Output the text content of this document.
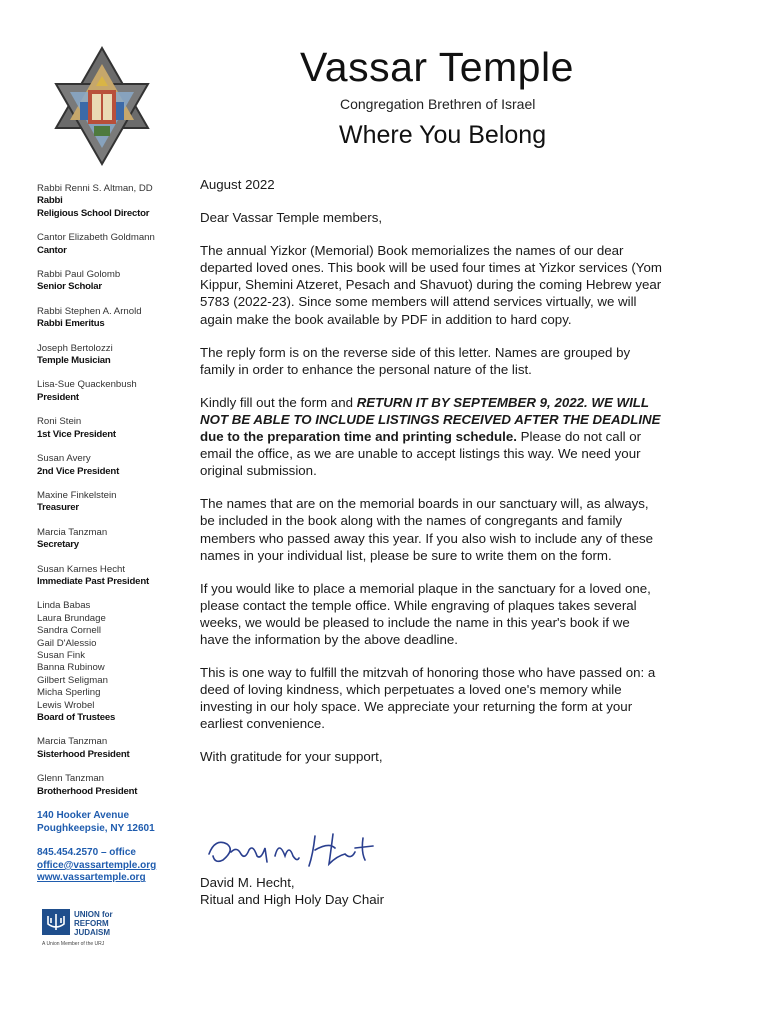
Vassar Temple
Congregation Brethren of Israel
Where You Belong
Rabbi Renni S. Altman, DD
Rabbi
Religious School Director
Cantor Elizabeth Goldmann
Cantor
Rabbi Paul Golomb
Senior Scholar
Rabbi Stephen A. Arnold
Rabbi Emeritus
Joseph Bertolozzi
Temple Musician
Lisa-Sue Quackenbush
President
Roni Stein
1st Vice President
Susan Avery
2nd Vice President
Maxine Finkelstein
Treasurer
Marcia Tanzman
Secretary
Susan Karnes Hecht
Immediate Past President
Linda Babas
Laura Brundage
Sandra Cornell
Gail D'Alessio
Susan Fink
Banna Rubinow
Gilbert Seligman
Micha Sperling
Lewis Wrobel
Board of Trustees
Marcia Tanzman
Sisterhood President
Glenn Tanzman
Brotherhood President
140 Hooker Avenue
Poughkeepsie, NY 12601
845.454.2570 – office
office@vassartemple.org
www.vassartemple.org
UNION for
REFORM
JUDAISM
A Union Member of the URJ

August 2022

Dear Vassar Temple members,

The annual Yizkor (Memorial) Book memorializes the names of our dear departed loved ones. This book will be used four times at Yizkor services (Yom Kippur, Shemini Atzeret, Pesach and Shavuot) during the coming Hebrew year 5783 (2022-23). Since some members will attend services virtually, we will again make the book available by PDF in addition to hard copy.

The reply form is on the reverse side of this letter. Names are grouped by family in order to enhance the personal nature of the list.

Kindly fill out the form and RETURN IT BY SEPTEMBER 9, 2022. WE WILL NOT BE ABLE TO INCLUDE LISTINGS RECEIVED AFTER THE DEADLINE due to the preparation time and printing schedule. Please do not call or email the office, as we are unable to accept listings this way. We need your original submission.

The names that are on the memorial boards in our sanctuary will, as always, be included in the book along with the names of congregants and family members who passed away this year. If you also wish to include any of these names in your individual list, please be sure to write them on the form.

If you would like to place a memorial plaque in the sanctuary for a loved one, please contact the temple office. While engraving of plaques takes several weeks, we would be pleased to include the name in this year's book if we have the information by the above deadline.

This is one way to fulfill the mitzvah of honoring those who have passed on: a deed of loving kindness, which perpetuates a loved one's memory while investing in our holy space. We appreciate your returning the form at your earliest convenience.

With gratitude for your support,

David M. Hecht,
Ritual and High Holy Day Chair
